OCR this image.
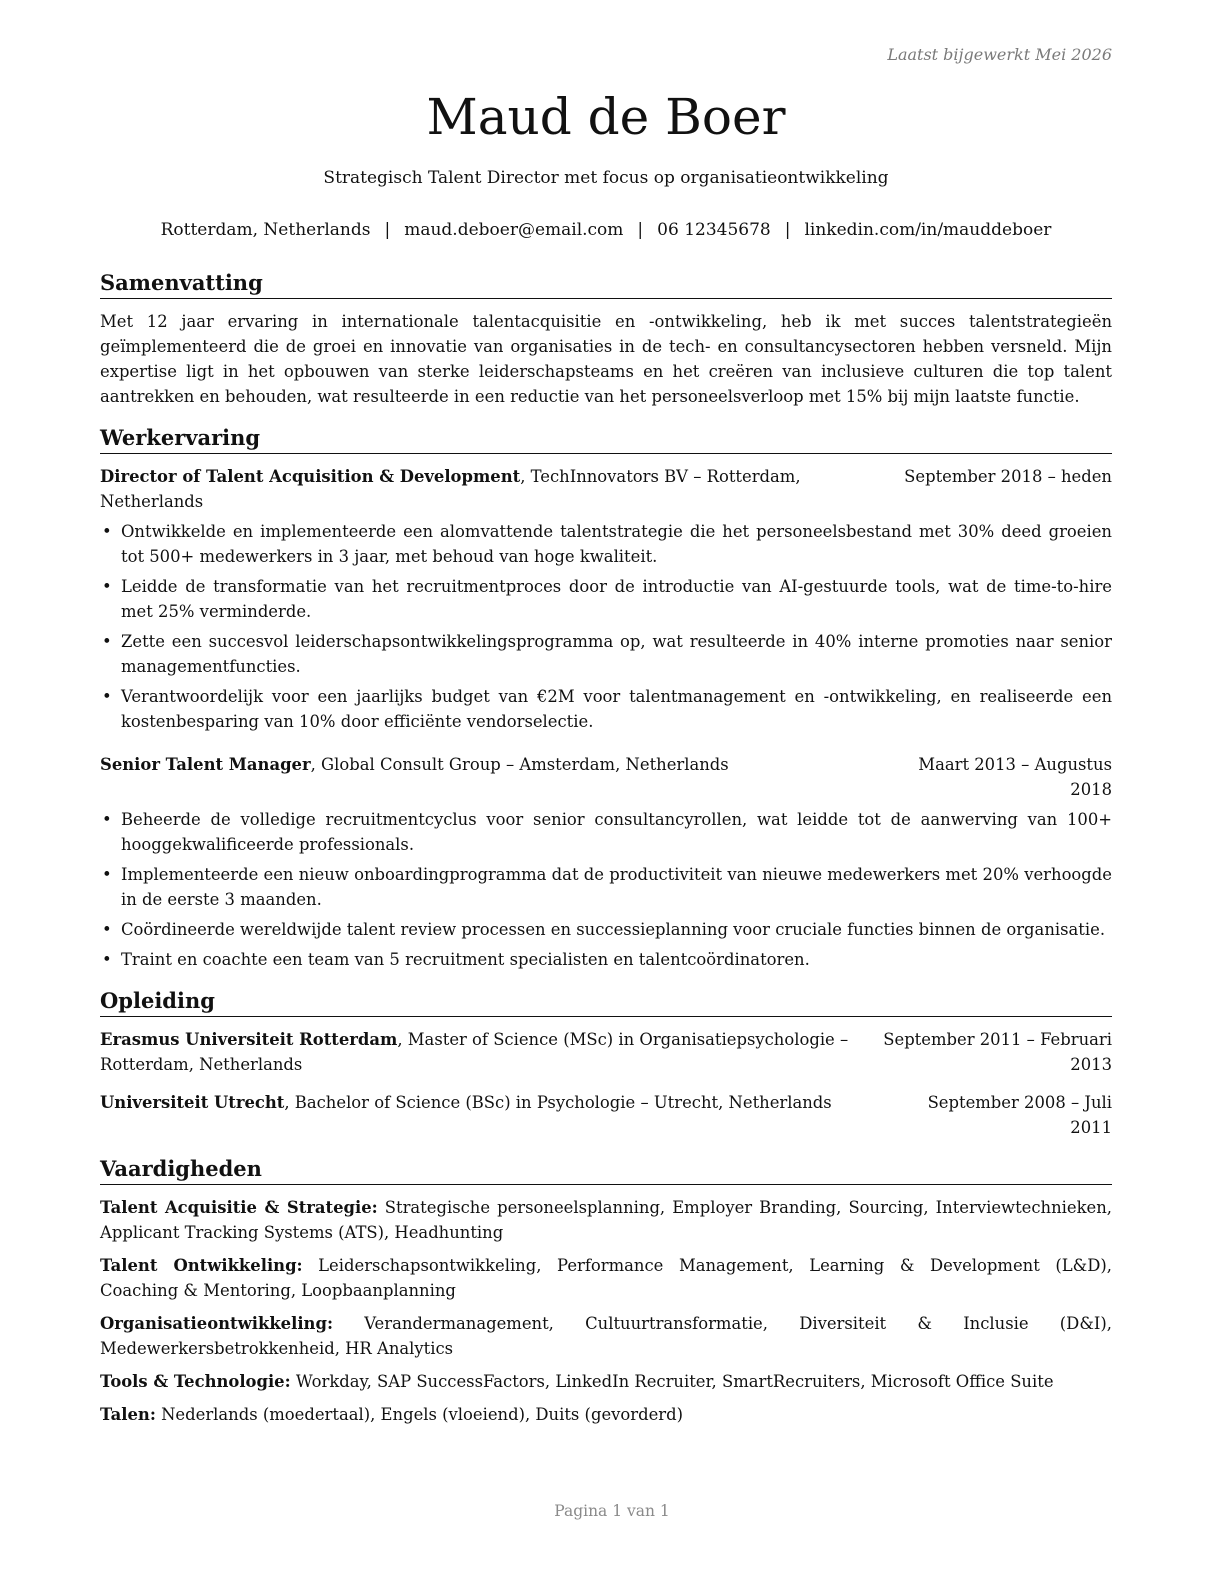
Laatst bijgewerkt Mei 2026
Maud de Boer
Strategisch Talent Director met focus op organisatieontwikkeling
Rotterdam, Netherlands | maud.deboer@email.com | 06 12345678 | linkedin.com/in/mauddeboer
Samenvatting

Met 12 jaar ervaring in internationale talentacquisitie en -ontwikkeling, heb ik met succes talentstrategieën geïmplementeerd die de groei en innovatie van organisaties in de tech- en consultancysectoren hebben versneld. Mijn expertise ligt in het opbouwen van sterke leiderschapsteams en het creëren van inclusieve culturen die top talent aantrekken en behouden, wat resulteerde in een reductie van het personeelsverloop met 15% bij mijn laatste functie.

Werkervaring
Director of Talent Acquisition & Development, TechInnovators BV – Rotterdam, Netherlands
September 2018 – heden
• Ontwikkelde en implementeerde een alomvattende talentstrategie die het personeelsbestand met 30% deed groeien tot 500+ medewerkers in 3 jaar, met behoud van hoge kwaliteit.
• Leidde de transformatie van het recruitmentproces door de introductie van AI-gestuurde tools, wat de time-to-hire met 25% verminderde.
• Zette een succesvol leiderschapsontwikkelingsprogramma op, wat resulteerde in 40% interne promoties naar senior managementfuncties.
• Verantwoordelijk voor een jaarlijks budget van €2M voor talentmanagement en -ontwikkeling, en realiseerde een kostenbesparing van 10% door efficiënte vendorselectie.
Senior Talent Manager, Global Consult Group – Amsterdam, Netherlands	Maart 2013 – Augustus 2018
• Beheerde de volledige recruitmentcyclus voor senior consultancyrollen, wat leidde tot de aanwerving van 100+ hooggekwalificeerde professionals.
• Implementeerde een nieuw onboardingprogramma dat de productiviteit van nieuwe medewerkers met 20% verhoogde in de eerste 3 maanden.
• Coördineerde wereldwijde talent review processen en successieplanning voor cruciale functies binnen de organisatie.
• Traint en coachte een team van 5 recruitment specialisten en talentcoördinatoren.
Opleiding
Erasmus Universiteit Rotterdam, Master of Science (MSc) in Organisatiepsychologie – Rotterdam, Netherlands
September 2011 – Februari 2013
Universiteit Utrecht, Bachelor of Science (BSc) in Psychologie – Utrecht, Netherlands	September 2008 – Juli 2011
Vaardigheden

Talent Acquisitie & Strategie: Strategische personeelsplanning, Employer Branding, Sourcing, Interviewtechnieken, Applicant Tracking Systems (ATS), Headhunting

Talent Ontwikkeling: Leiderschapsontwikkeling, Performance Management, Learning & Development (L&D), Coaching & Mentoring, Loopbaanplanning

Organisatieontwikkeling: Verandermanagement, Cultuurtransformatie, Diversiteit & Inclusie (D&I), Medewerkersbetrokkenheid, HR Analytics

Tools & Technologie: Workday, SAP SuccessFactors, LinkedIn Recruiter, SmartRecruiters, Microsoft Office Suite

Talen: Nederlands (moedertaal), Engels (vloeiend), Duits (gevorderd)

Pagina 1 van 1
